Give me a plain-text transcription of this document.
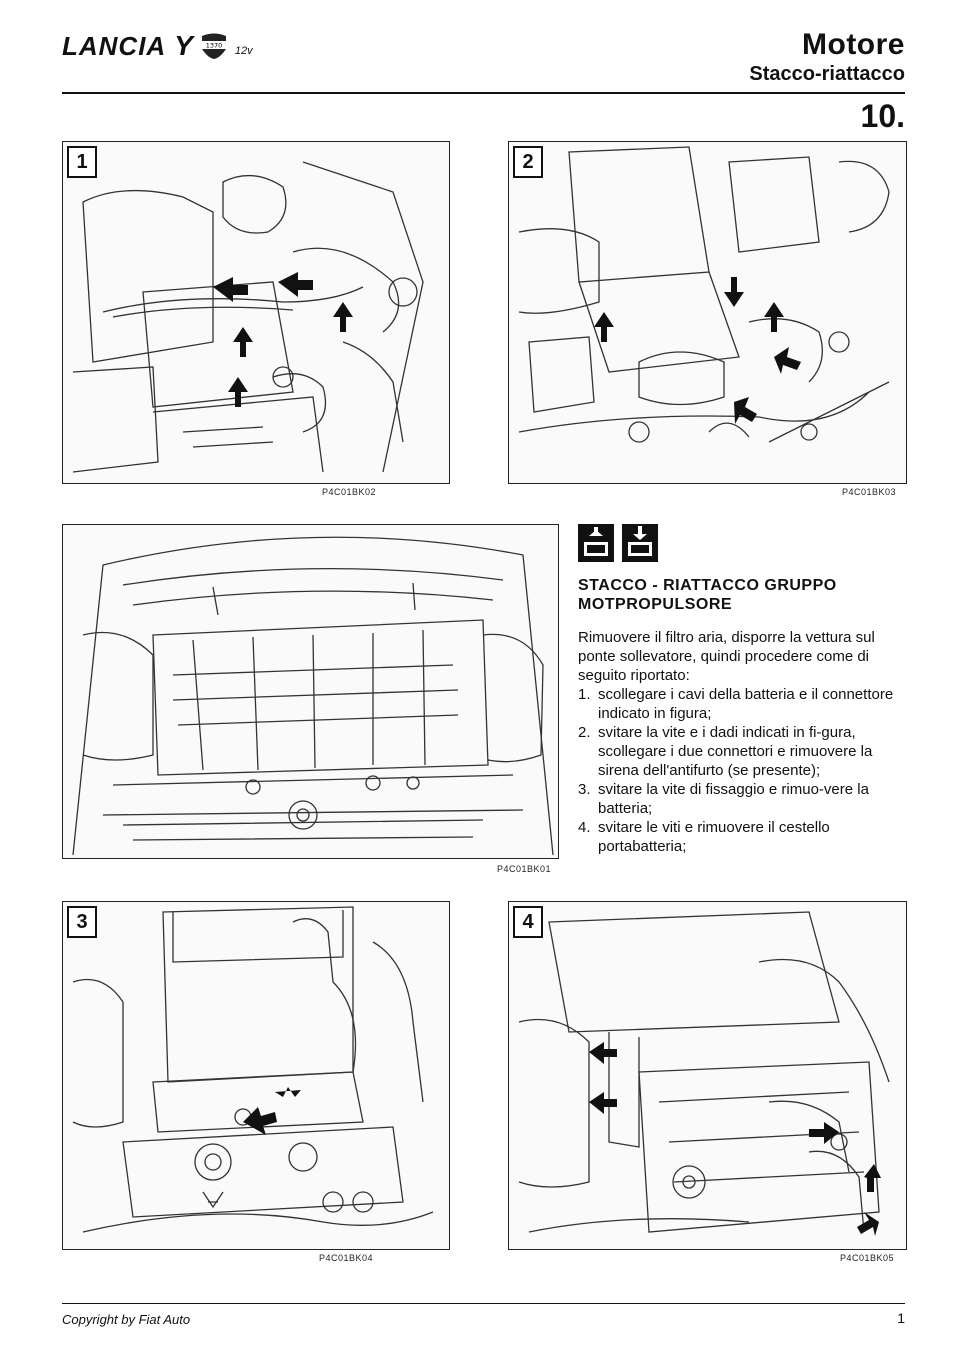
LANCIA Y 1370 12v	Motore
Stacco-riattacco
10.
1
P4C01BK02
2
P4C01BK03
P4C01BK01
STACCO - RIATTACCO GRUPPO
MOTPROPULSORE

Rimuovere il filtro aria, disporre la vettura sul ponte sollevatore, quindi procedere come di seguito riportato:

1. scollegare i cavi della batteria e il connettore indicato in figura;
2. svitare la vite e i dadi indicati in fi-gura, scollegare i due connettori e rimuovere la sirena dell'antifurto (se presente);
3. svitare la vite di fissaggio e rimuo-vere la batteria;
4. svitare le viti e rimuovere il cestello portabatteria;
3
P4C01BK04
4
P4C01BK05
Copyright by Fiat Auto	1
